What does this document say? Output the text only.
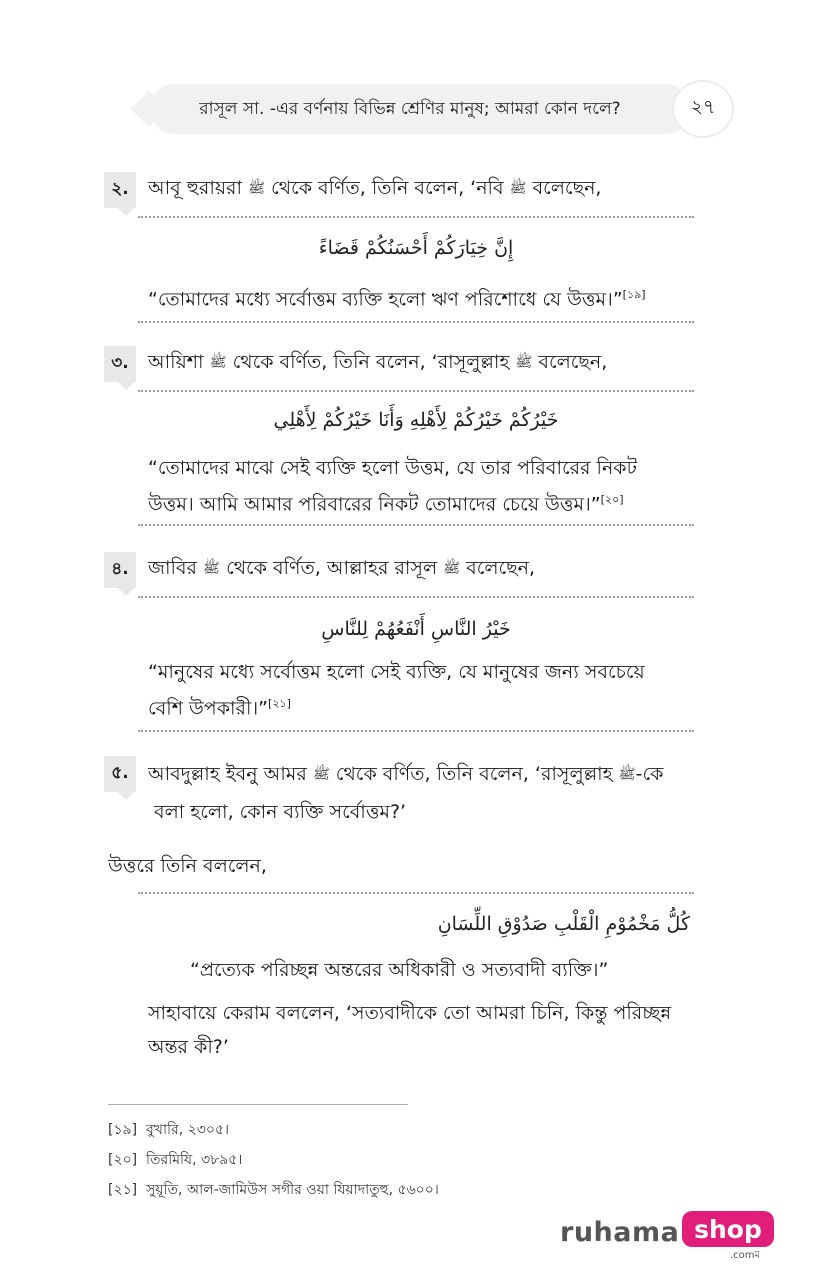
রাসূল সা. -এর বর্ণনায় বিভিন্ন শ্রেণির মানুষ; আমরা কোন দলে?	২৭
২.	আবূ হুরায়রা ﷺ থেকে বর্ণিত, তিনি বলেন, ‘নবি ﷺ বলেছেন,
إِنَّ خِيَارَكُمْ أَحْسَنُكُمْ قَضَاءً
“তোমাদের মধ্যে সর্বোত্তম ব্যক্তি হলো ঋণ পরিশোধে যে উত্তম।”[১৯]
৩.	আয়িশা ﷺ থেকে বর্ণিত, তিনি বলেন, ‘রাসূলুল্লাহ ﷺ বলেছেন,
خَيْرُكُمْ خَيْرُكُمْ لِأَهْلِهِ وَأَنَا خَيْرُكُمْ لِأَهْلِي
“তোমাদের মাঝে সেই ব্যক্তি হলো উত্তম, যে তার পরিবারের নিকট
উত্তম। আমি আমার পরিবারের নিকট তোমাদের চেয়ে উত্তম।”[২০]
৪.	জাবির ﷺ থেকে বর্ণিত, আল্লাহর রাসূল ﷺ বলেছেন,
خَيْرُ النَّاسِ أَنْفَعُهُمْ لِلنَّاسِ
“মানুষের মধ্যে সর্বোত্তম হলো সেই ব্যক্তি, যে মানুষের জন্য সবচেয়ে
বেশি উপকারী।”[২১]
৫.	আবদুল্লাহ ইবনু আমর ﷺ থেকে বর্ণিত, তিনি বলেন, ‘রাসূলুল্লাহ ﷺ-কে
বলা হলো, কোন ব্যক্তি সর্বোত্তম?’
উত্তরে তিনি বললেন,
كُلُّ مَخْمُوْمِ الْقَلْبِ صَدُوْقِ اللِّسَانِ
“প্রত্যেক পরিচ্ছন্ন অন্তরের অধিকারী ও সত্যবাদী ব্যক্তি।”
সাহাবায়ে কেরাম বললেন, ‘সত্যবাদীকে তো আমরা চিনি, কিন্তু পরিচ্ছন্ন
অন্তর কী?’
[১৯] বুখারি, ২৩০৫।
[২০] তিরমিযি, ৩৮৯৫।
[২১] সুয়ূতি, আল-জামিউস সগীর ওয়া যিয়াদাতুহু, ৫৬০০।
ruhama shop
.comম
